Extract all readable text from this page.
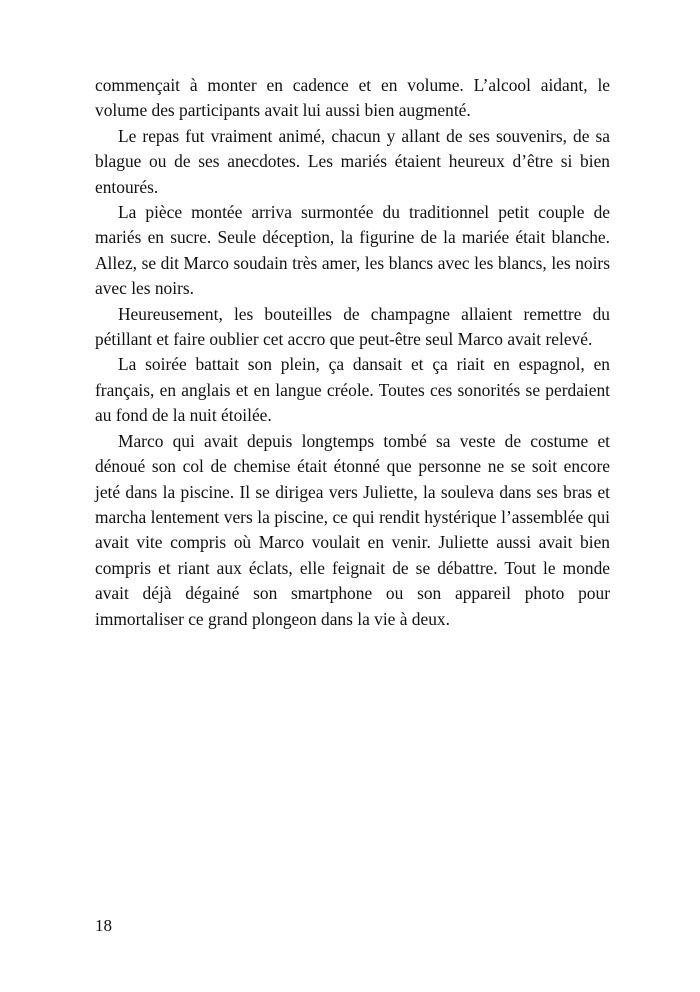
commençait à monter en cadence et en volume. L’alcool aidant, le volume des participants avait lui aussi bien augmenté.

Le repas fut vraiment animé, chacun y allant de ses souvenirs, de sa blague ou de ses anecdotes. Les mariés étaient heureux d’être si bien entourés.

La pièce montée arriva surmontée du traditionnel petit couple de mariés en sucre. Seule déception, la figurine de la mariée était blanche. Allez, se dit Marco soudain très amer, les blancs avec les blancs, les noirs avec les noirs.

Heureusement, les bouteilles de champagne allaient remettre du pétillant et faire oublier cet accro que peut-être seul Marco avait relevé.

La soirée battait son plein, ça dansait et ça riait en espagnol, en français, en anglais et en langue créole. Toutes ces sonorités se perdaient au fond de la nuit étoilée.

Marco qui avait depuis longtemps tombé sa veste de costume et dénoué son col de chemise était étonné que personne ne se soit encore jeté dans la piscine. Il se dirigea vers Juliette, la souleva dans ses bras et marcha lentement vers la piscine, ce qui rendit hystérique l’assemblée qui avait vite compris où Marco voulait en venir. Juliette aussi avait bien compris et riant aux éclats, elle feignait de se débattre. Tout le monde avait déjà dégainé son smartphone ou son appareil photo pour immortaliser ce grand plongeon dans la vie à deux.

18
